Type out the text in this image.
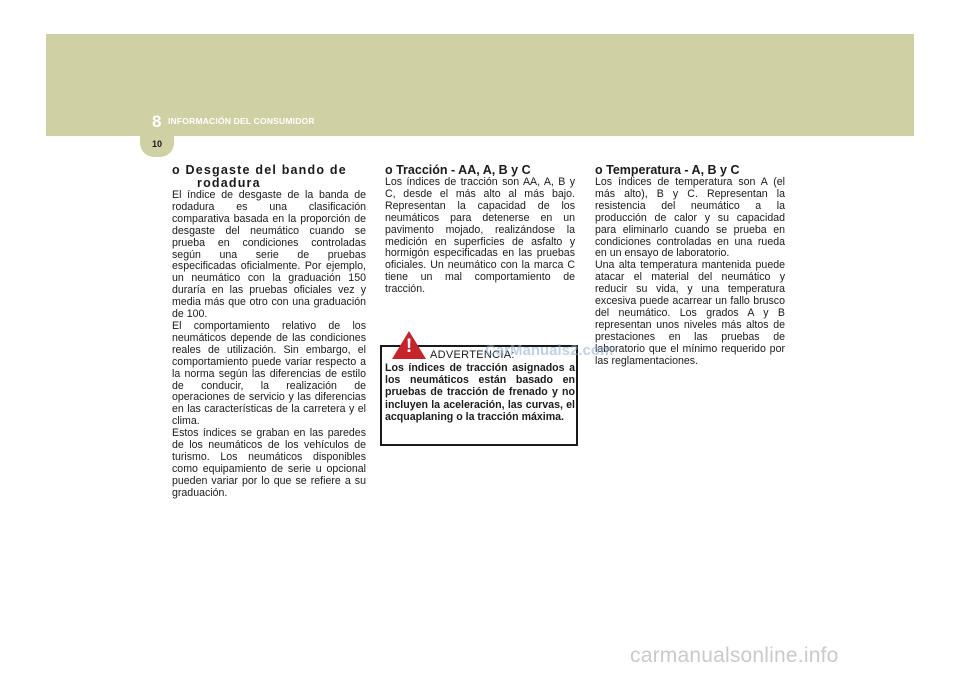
8 INFORMACIÓN DEL CONSUMIDOR
10

o Desgaste del bando de

rodadura

El índice de desgaste de la banda de rodadura es una clasificación comparativa basada en la proporción de desgaste del neumático cuando se prueba en condiciones controladas según una serie de pruebas especificadas oficialmente. Por ejemplo, un neumático con la graduación 150 duraría en las pruebas oficiales vez y media más que otro con una graduación de 100.

El comportamiento relativo de los neumáticos depende de las condiciones reales de utilización. Sin embargo, el comportamiento puede variar respecto a la norma según las diferencias de estilo de conducir, la realización de operaciones de servicio y las diferencias en las características de la carretera y el clima.

Estos índices se graban en las paredes de los neumáticos de los vehículos de turismo. Los neumáticos disponibles como equipamiento de serie u opcional pueden variar por lo que se refiere a su graduación.

o Tracción - AA, A, B y C

Los índices de tracción son AA, A, B y C, desde el más alto al más bajo. Representan la capacidad de los neumáticos para detenerse en un pavimento mojado, realizándose la medición en superficies de asfalto y hormigón especificadas en las pruebas oficiales. Un neumático con la marca C tiene un mal comportamiento de tracción.

!	ADVERTENCIA:
Los índices de tracción asignados a los neumáticos están basado en pruebas de tracción de frenado y no incluyen la aceleración, las curvas, el acquaplaning o la tracción máxima.

o Temperatura - A, B y C

Los índices de temperatura son A (el más alto), B y C. Representan la resistencia del neumático a la producción de calor y su capacidad para eliminarlo cuando se prueba en condiciones controladas en una rueda en un ensayo de laboratorio.

Una alta temperatura mantenida puede atacar el material del neumático y reducir su vida, y una temperatura excesiva puede acarrear un fallo brusco del neumático. Los grados A y B representan unos niveles más altos de prestaciones en las pruebas de laboratorio que el mínimo requerido por las reglamentaciones.

CarManuals2.com
carmanualsonline.info
